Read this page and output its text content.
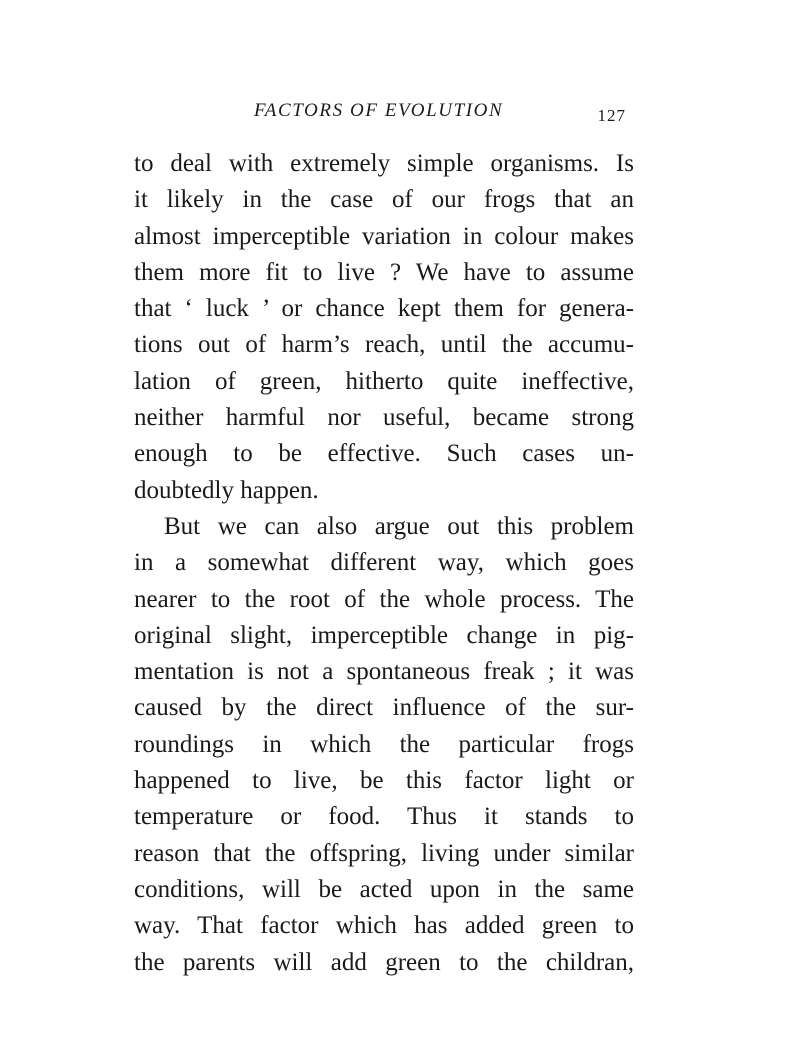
FACTORS OF EVOLUTION	127
to deal with extremely simple organisms. Is
it likely in the case of our frogs that an
almost imperceptible variation in colour makes
them more fit to live ? We have to assume
that ‘ luck ’ or chance kept them for genera-
tions out of harm’s reach, until the accumu-
lation of green, hitherto quite ineffective,
neither harmful nor useful, became strong
enough to be effective. Such cases un-
doubtedly happen.
But we can also argue out this problem
in a somewhat different way, which goes
nearer to the root of the whole process. The
original slight, imperceptible change in pig-
mentation is not a spontaneous freak ; it was
caused by the direct influence of the sur-
roundings in which the particular frogs
happened to live, be this factor light or
temperature or food. Thus it stands to
reason that the offspring, living under similar
conditions, will be acted upon in the same
way. That factor which has added green to
the parents will add green to the childran,
